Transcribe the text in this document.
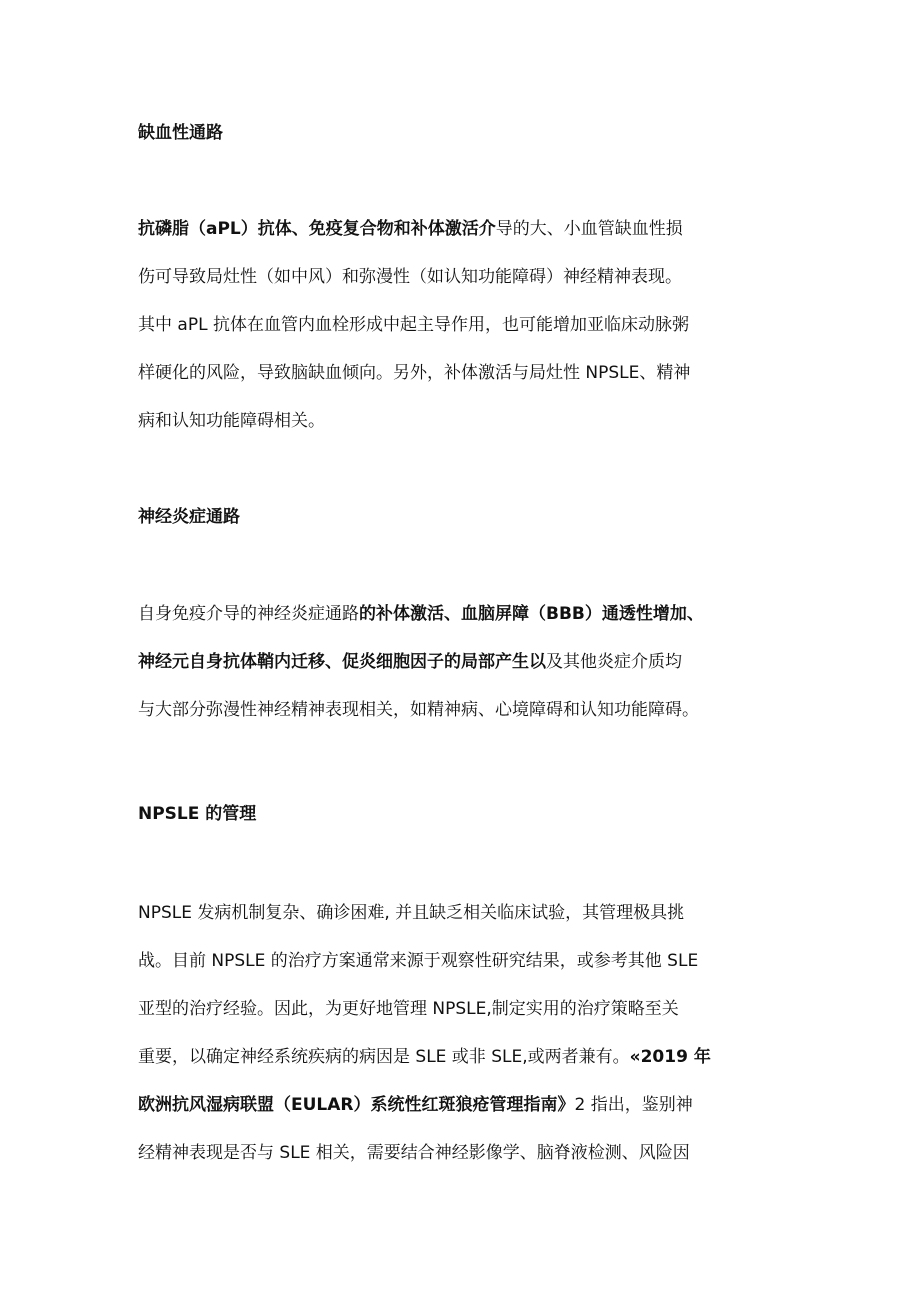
缺血性通路
抗磷脂（aPL）抗体、免疫复合物和补体激活介导的大、小血管缺血性损
伤可导致局灶性（如中风）和弥漫性（如认知功能障碍）神经精神表现。
其中 aPL 抗体在血管内血栓形成中起主导作用，也可能增加亚临床动脉粥
样硬化的风险，导致脑缺血倾向。另外，补体激活与局灶性 NPSLE、精神
病和认知功能障碍相关。
神经炎症通路
自身免疫介导的神经炎症通路的补体激活、血脑屏障（BBB）通透性增加、
神经元自身抗体鞘内迁移、促炎细胞因子的局部产生以及其他炎症介质均
与大部分弥漫性神经精神表现相关，如精神病、心境障碍和认知功能障碍。
NPSLE 的管理
NPSLE 发病机制复杂、确诊困难, 并且缺乏相关临床试验，其管理极具挑
战。目前 NPSLE 的治疗方案通常来源于观察性研究结果，或参考其他 SLE
亚型的治疗经验。因此，为更好地管理 NPSLE,制定实用的治疗策略至关
重要，以确定神经系统疾病的病因是 SLE 或非 SLE,或两者兼有。«2019 年
欧洲抗风湿病联盟（EULAR）系统性红斑狼疮管理指南》2 指出，鉴别神
经精神表现是否与 SLE 相关，需要结合神经影像学、脑脊液检测、风险因
